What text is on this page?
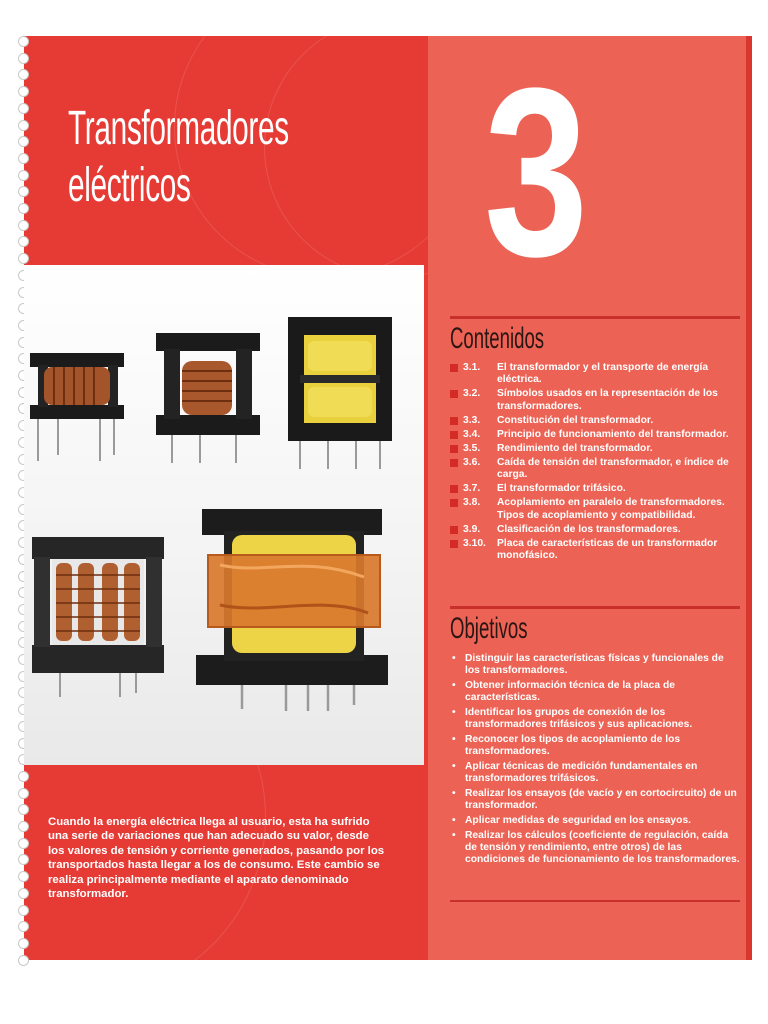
Transformadores
eléctricos

Cuando la energía eléctrica llega al usuario, esta ha sufrido una serie de variaciones que han adecuado su valor, desde los valores de tensión y corriente generados, pasando por los transportados hasta llegar a los de consumo. Este cambio se realiza principalmente mediante el aparato denominado transformador.

3
Contenidos
3.1.	El transformador y el transporte de energía eléctrica.
3.2.	Símbolos usados en la representación de los transformadores.
3.3.	Constitución del transformador.
3.4.	Principio de funcionamiento del transformador.
3.5.	Rendimiento del transformador.
3.6.	Caída de tensión del transformador, e índice de carga.
3.7.	El transformador trifásico.
3.8.	Acoplamiento en paralelo de transformadores. Tipos de acoplamiento y compatibilidad.
3.9.	Clasificación de los transformadores.
3.10.	Placa de características de un transformador monofásico.
Objetivos
• Distinguir las características físicas y funcionales de los transformadores.
• Obtener información técnica de la placa de características.
• Identificar los grupos de conexión de los transformadores trifásicos y sus aplicaciones.
• Reconocer los tipos de acoplamiento de los transformadores.
• Aplicar técnicas de medición fundamentales en transformadores trifásicos.
• Realizar los ensayos (de vacío y en cortocircuito) de un transformador.
• Aplicar medidas de seguridad en los ensayos.
• Realizar los cálculos (coeficiente de regulación, caída de tensión y rendimiento, entre otros) de las condiciones de funcionamiento de los transformadores.
